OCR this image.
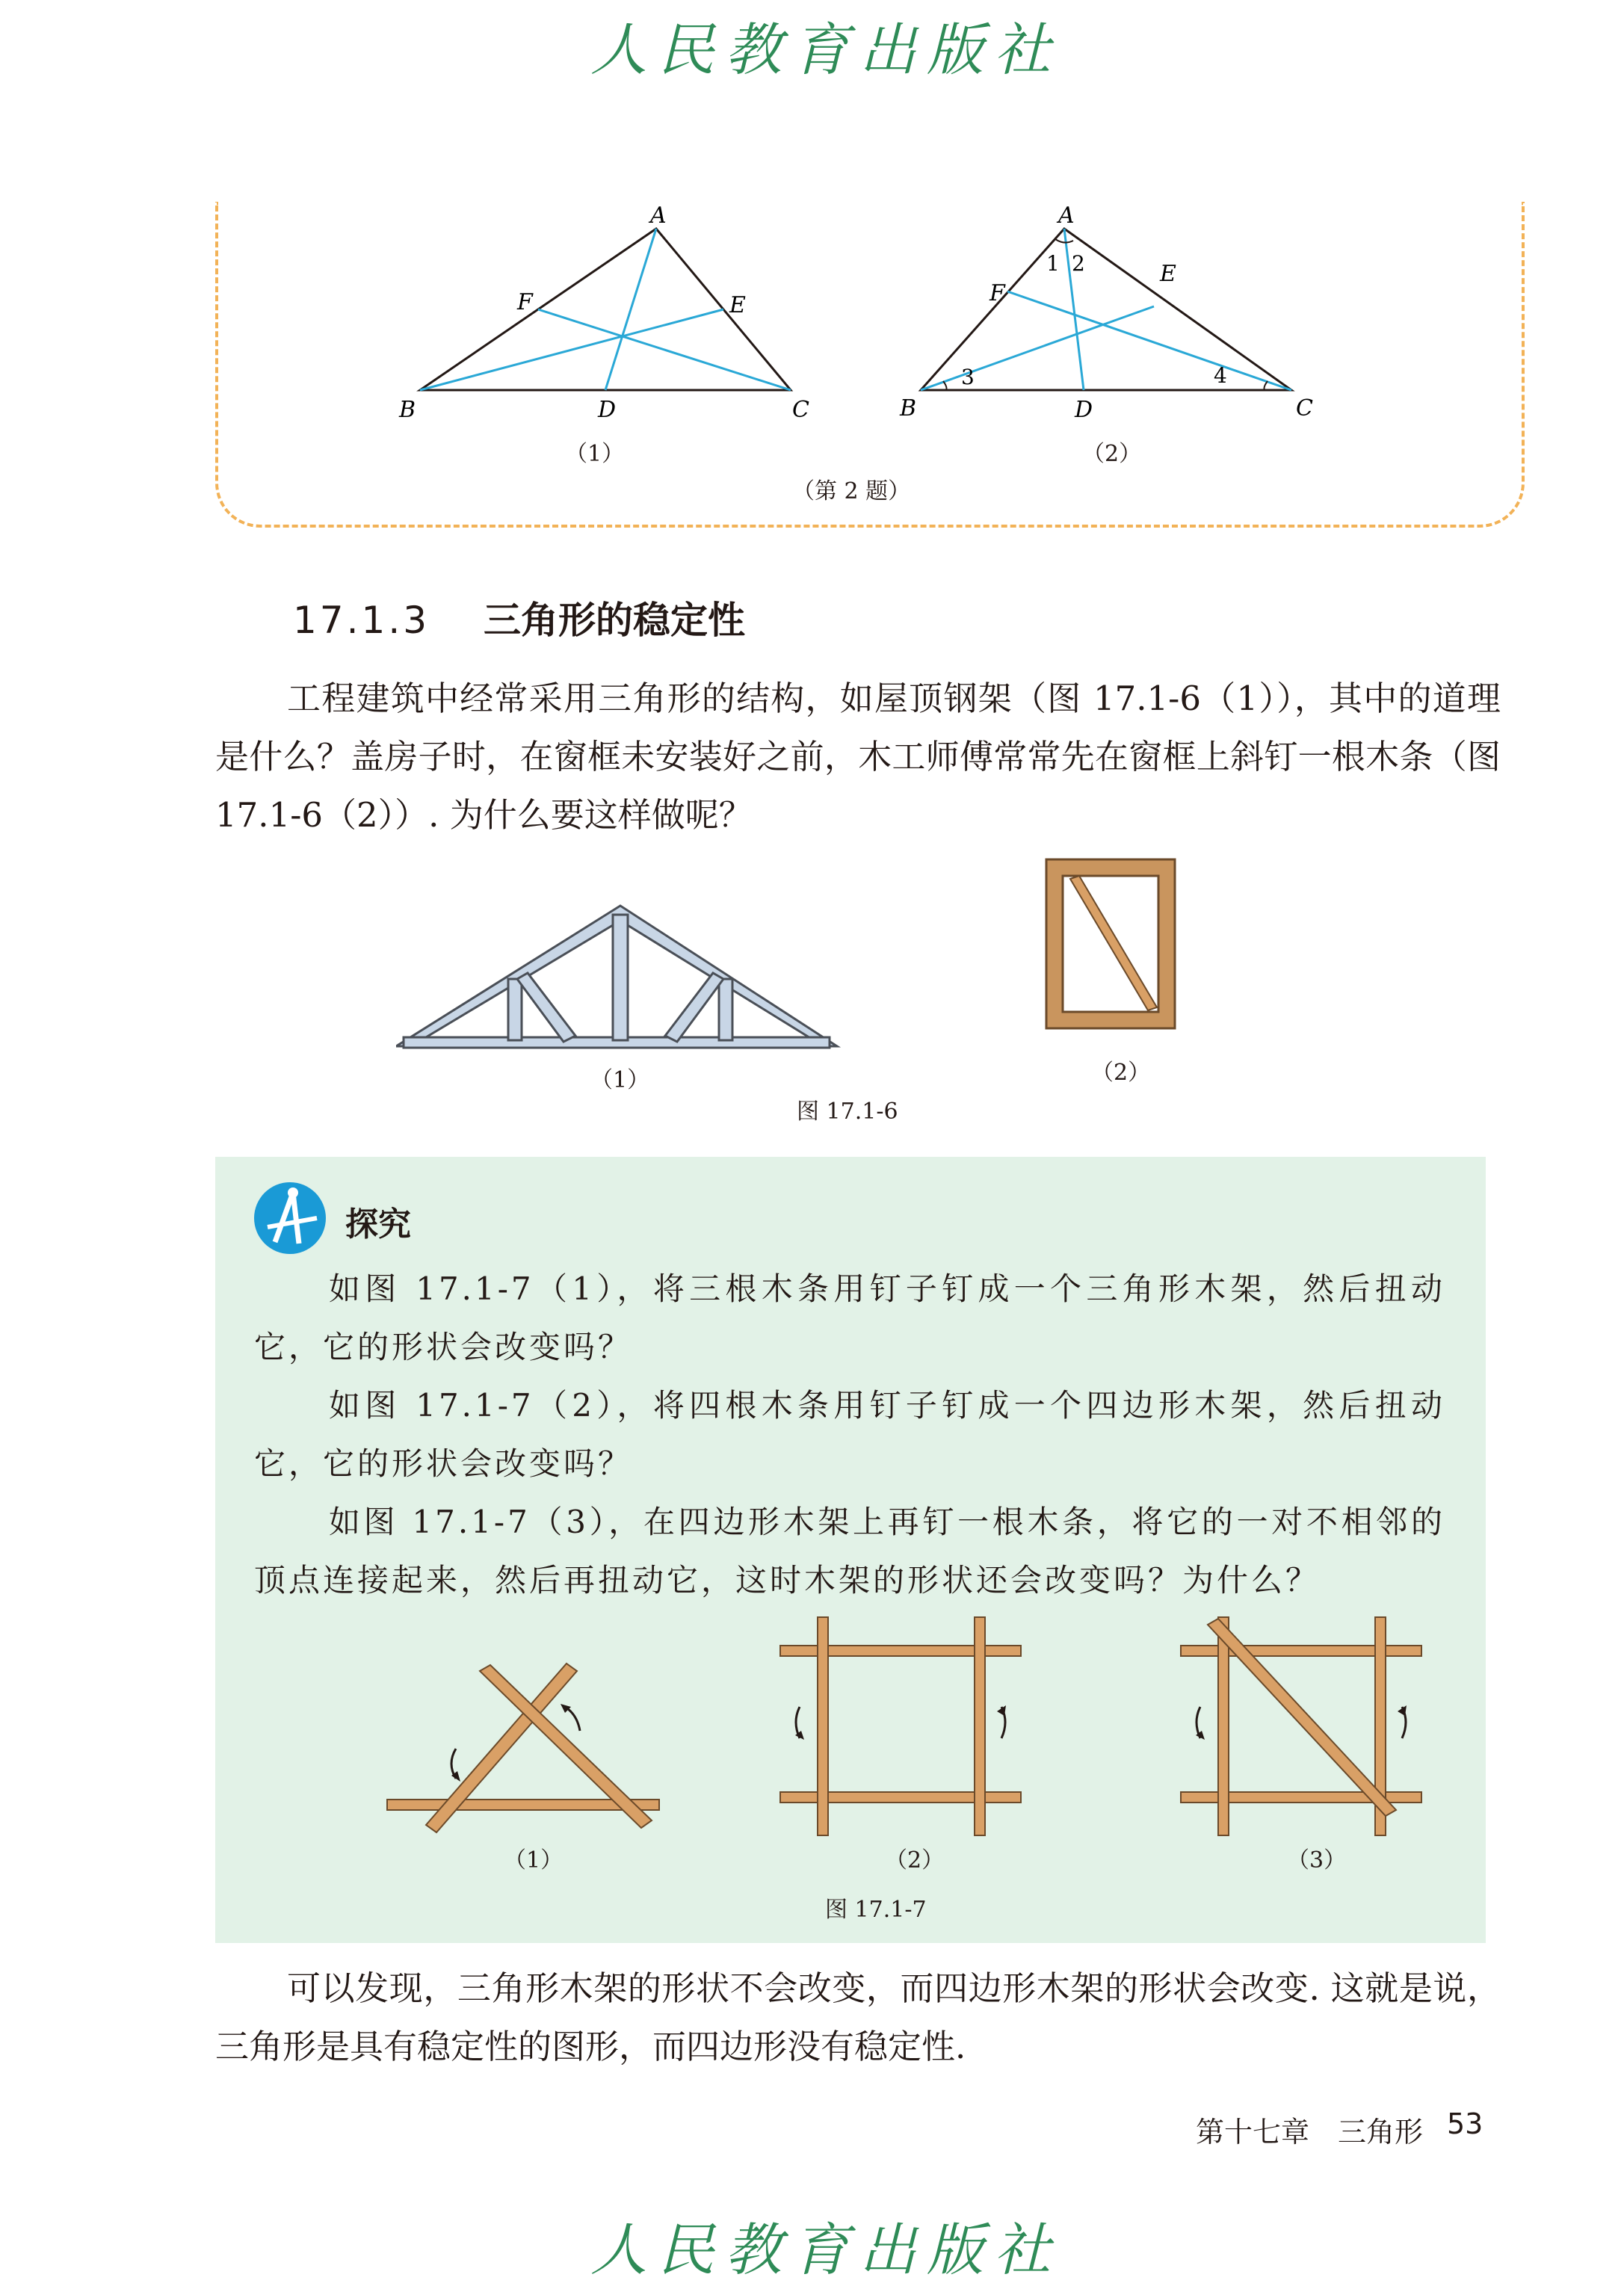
人民教育出版社
A
B	C
D
E
F
（1）
A
B	C
D
E
F
1 2
3	4
（2）
（第 2 题）
17.1.3 三角形的稳定性
工程建筑中经常采用三角形的结构，如屋顶钢架（图 17.1-6（1）），其中的道理是什么？盖房子时，在窗框未安装好之前，木工师傅常常先在窗框上斜钉一根木条（图 17.1-6（2））. 为什么要这样做呢？
（1）	（2）
图 17.1-6
探究
如图 17.1-7（1），将三根木条用钉子钉成一个三角形木架，然后扭动它，它的形状会改变吗？
如图 17.1-7（2），将四根木条用钉子钉成一个四边形木架，然后扭动它，它的形状会改变吗？
如图 17.1-7（3），在四边形木架上再钉一根木条，将它的一对不相邻的顶点连接起来，然后再扭动它，这时木架的形状还会改变吗？为什么？
（1）	（2）	（3）
图 17.1-7
可以发现，三角形木架的形状不会改变，而四边形木架的形状会改变. 这就是说，三角形是具有稳定性的图形，而四边形没有稳定性.
第十七章　三角形 53
人民教育出版社
